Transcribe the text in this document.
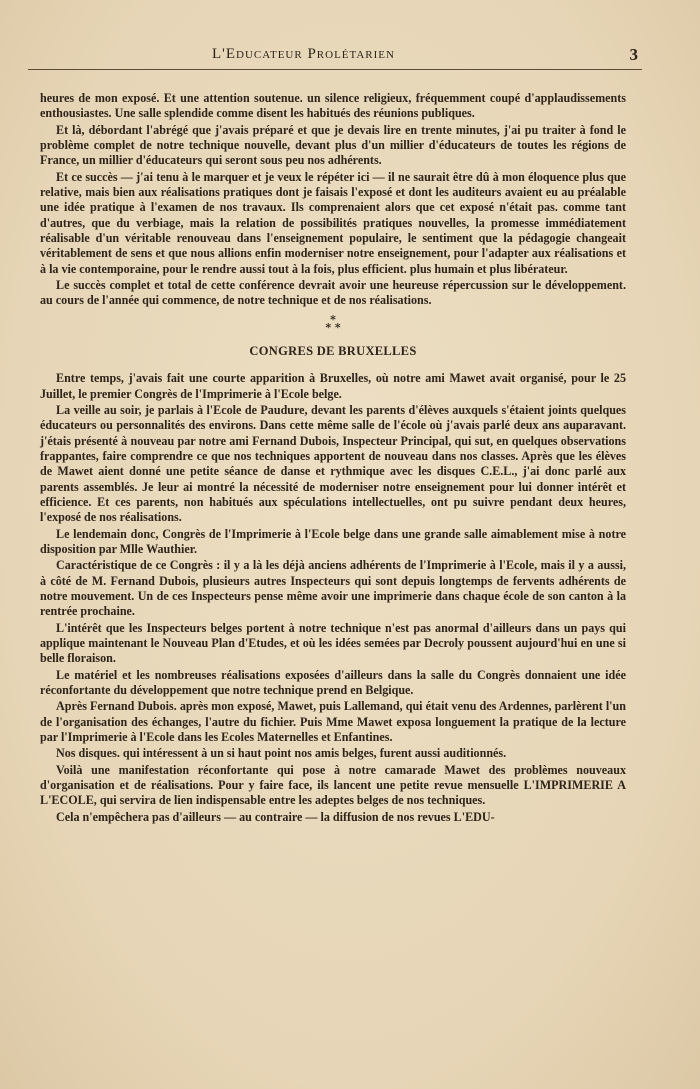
L'Educateur Prolétarien	3

heures de mon exposé. Et une attention soutenue. un silence religieux, fréquemment coupé d'applaudissements enthousiastes. Une salle splendide comme disent les habitués des réunions publiques.

Et là, débordant l'abrégé que j'avais préparé et que je devais lire en trente minutes, j'ai pu traiter à fond le problème complet de notre technique nouvelle, devant plus d'un millier d'éducateurs de toutes les régions de France, un millier d'éducateurs qui seront sous peu nos adhérents.

Et ce succès — j'ai tenu à le marquer et je veux le répéter ici — il ne saurait être dû à mon éloquence plus que relative, mais bien aux réalisations pratiques dont je faisais l'exposé et dont les auditeurs avaient eu au préalable une idée pratique à l'examen de nos travaux. Ils comprenaient alors que cet exposé n'était pas. comme tant d'autres, que du verbiage, mais la relation de possibilités pratiques nouvelles, la promesse immédiatement réalisable d'un véritable renouveau dans l'enseignement populaire, le sentiment que la pédagogie changeait véritablement de sens et que nous allions enfin moderniser notre enseignement, pour l'adapter aux réalisations et à la vie contemporaine, pour le rendre aussi tout à la fois, plus efficient. plus humain et plus libérateur.

Le succès complet et total de cette conférence devrait avoir une heureuse répercussion sur le développement. au cours de l'année qui commence, de notre technique et de nos réalisations.

*
* *
CONGRES DE BRUXELLES

Entre temps, j'avais fait une courte apparition à Bruxelles, où notre ami Mawet avait organisé, pour le 25 Juillet, le premier Congrès de l'Imprimerie à l'Ecole belge.

La veille au soir, je parlais à l'Ecole de Paudure, devant les parents d'élèves auxquels s'étaient joints quelques éducateurs ou personnalités des environs. Dans cette même salle de l'école où j'avais parlé deux ans auparavant. j'étais présenté à nouveau par notre ami Fernand Dubois, Inspecteur Principal, qui sut, en quelques observations frappantes, faire comprendre ce que nos techniques apportent de nouveau dans nos classes. Après que les élèves de Mawet aient donné une petite séance de danse et rythmique avec les disques C.E.L., j'ai donc parlé aux parents assemblés. Je leur ai montré la nécessité de moderniser notre enseignement pour lui donner intérêt et efficience. Et ces parents, non habitués aux spéculations intellectuelles, ont pu suivre pendant deux heures, l'exposé de nos réalisations.

Le lendemain donc, Congrès de l'Imprimerie à l'Ecole belge dans une grande salle aimablement mise à notre disposition par Mlle Wauthier.

Caractéristique de ce Congrès : il y a là les déjà anciens adhérents de l'Imprimerie à l'Ecole, mais il y a aussi, à côté de M. Fernand Dubois, plusieurs autres Inspecteurs qui sont depuis longtemps de fervents adhérents de notre mouvement. Un de ces Inspecteurs pense même avoir une imprimerie dans chaque école de son canton à la rentrée prochaine.

L'intérêt que les Inspecteurs belges portent à notre technique n'est pas anormal d'ailleurs dans un pays qui applique maintenant le Nouveau Plan d'Etudes, et où les idées semées par Decroly poussent aujourd'hui en une si belle floraison.

Le matériel et les nombreuses réalisations exposées d'ailleurs dans la salle du Congrès donnaient une idée réconfortante du développement que notre technique prend en Belgique.

Après Fernand Dubois. après mon exposé, Mawet, puis Lallemand, qui était venu des Ardennes, parlèrent l'un de l'organisation des échanges, l'autre du fichier. Puis Mme Mawet exposa longuement la pratique de la lecture par l'Imprimerie à l'Ecole dans les Ecoles Maternelles et Enfantines.

Nos disques. qui intéressent à un si haut point nos amis belges, furent aussi auditionnés.

Voilà une manifestation réconfortante qui pose à notre camarade Mawet des problèmes nouveaux d'organisation et de réalisations. Pour y faire face, ils lancent une petite revue mensuelle L'IMPRIMERIE A L'ECOLE, qui servira de lien indispensable entre les adeptes belges de nos techniques.

Cela n'empêchera pas d'ailleurs — au contraire — la diffusion de nos revues L'EDU-
